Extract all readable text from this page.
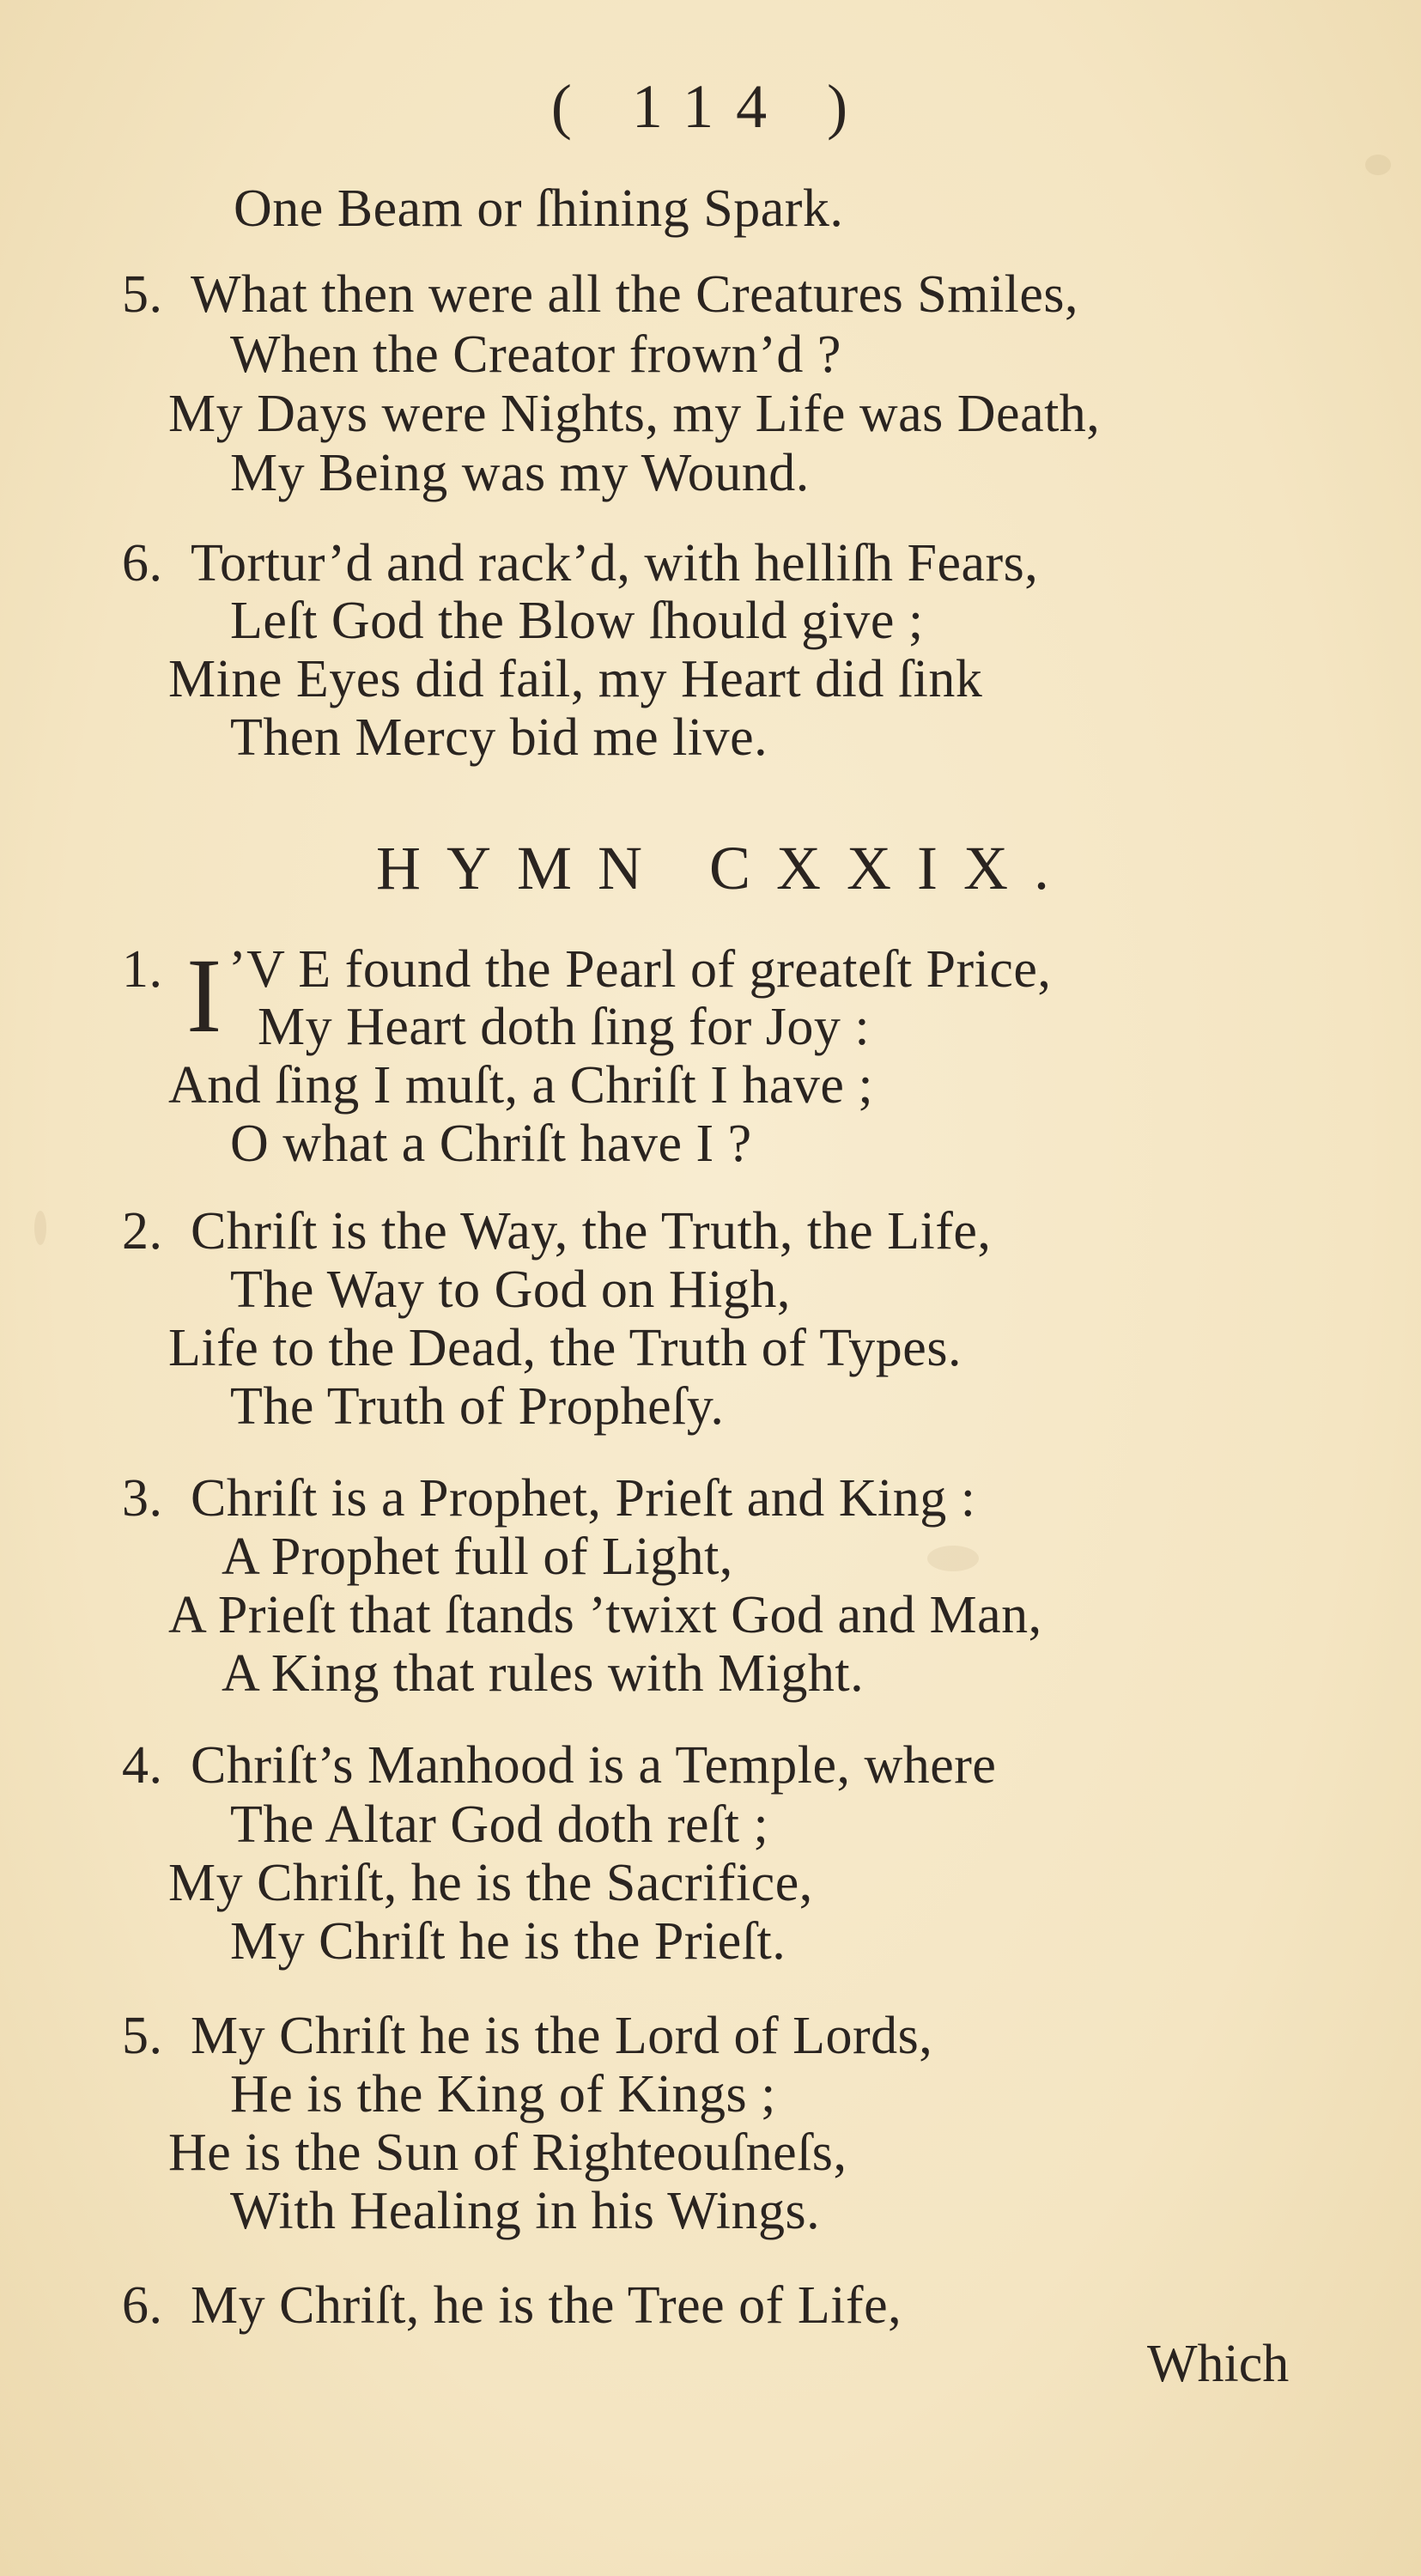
( 114 )
One Beam or ſhining Spark.
5. What then were all the Creatures Smiles,
When the Creator frown’d ?
My Days were Nights, my Life was Death,
My Being was my Wound.
6. Tortur’d and rack’d, with helliſh Fears,
Leſt God the Blow ſhould give ;
Mine Eyes did fail, my Heart did ſink
Then Mercy bid me live.
HYMN CXXIX.
1. I ’V E found the Pearl of greateſt Price,
My Heart doth ſing for Joy :
And ſing I muſt, a Chriſt I have ;
O what a Chriſt have I ?
2. Chriſt is the Way, the Truth, the Life,
The Way to God on High,
Life to the Dead, the Truth of Types.
The Truth of Propheſy.
3. Chriſt is a Prophet, Prieſt and King :
A Prophet full of Light,
A Prieſt that ſtands ’twixt God and Man,
A King that rules with Might.
4. Chriſt’s Manhood is a Temple, where
The Altar God doth reſt ;
My Chriſt, he is the Sacrifice,
My Chriſt he is the Prieſt.
5. My Chriſt he is the Lord of Lords,
He is the King of Kings ;
He is the Sun of Righteouſneſs,
With Healing in his Wings.
6. My Chriſt, he is the Tree of Life,
Which
